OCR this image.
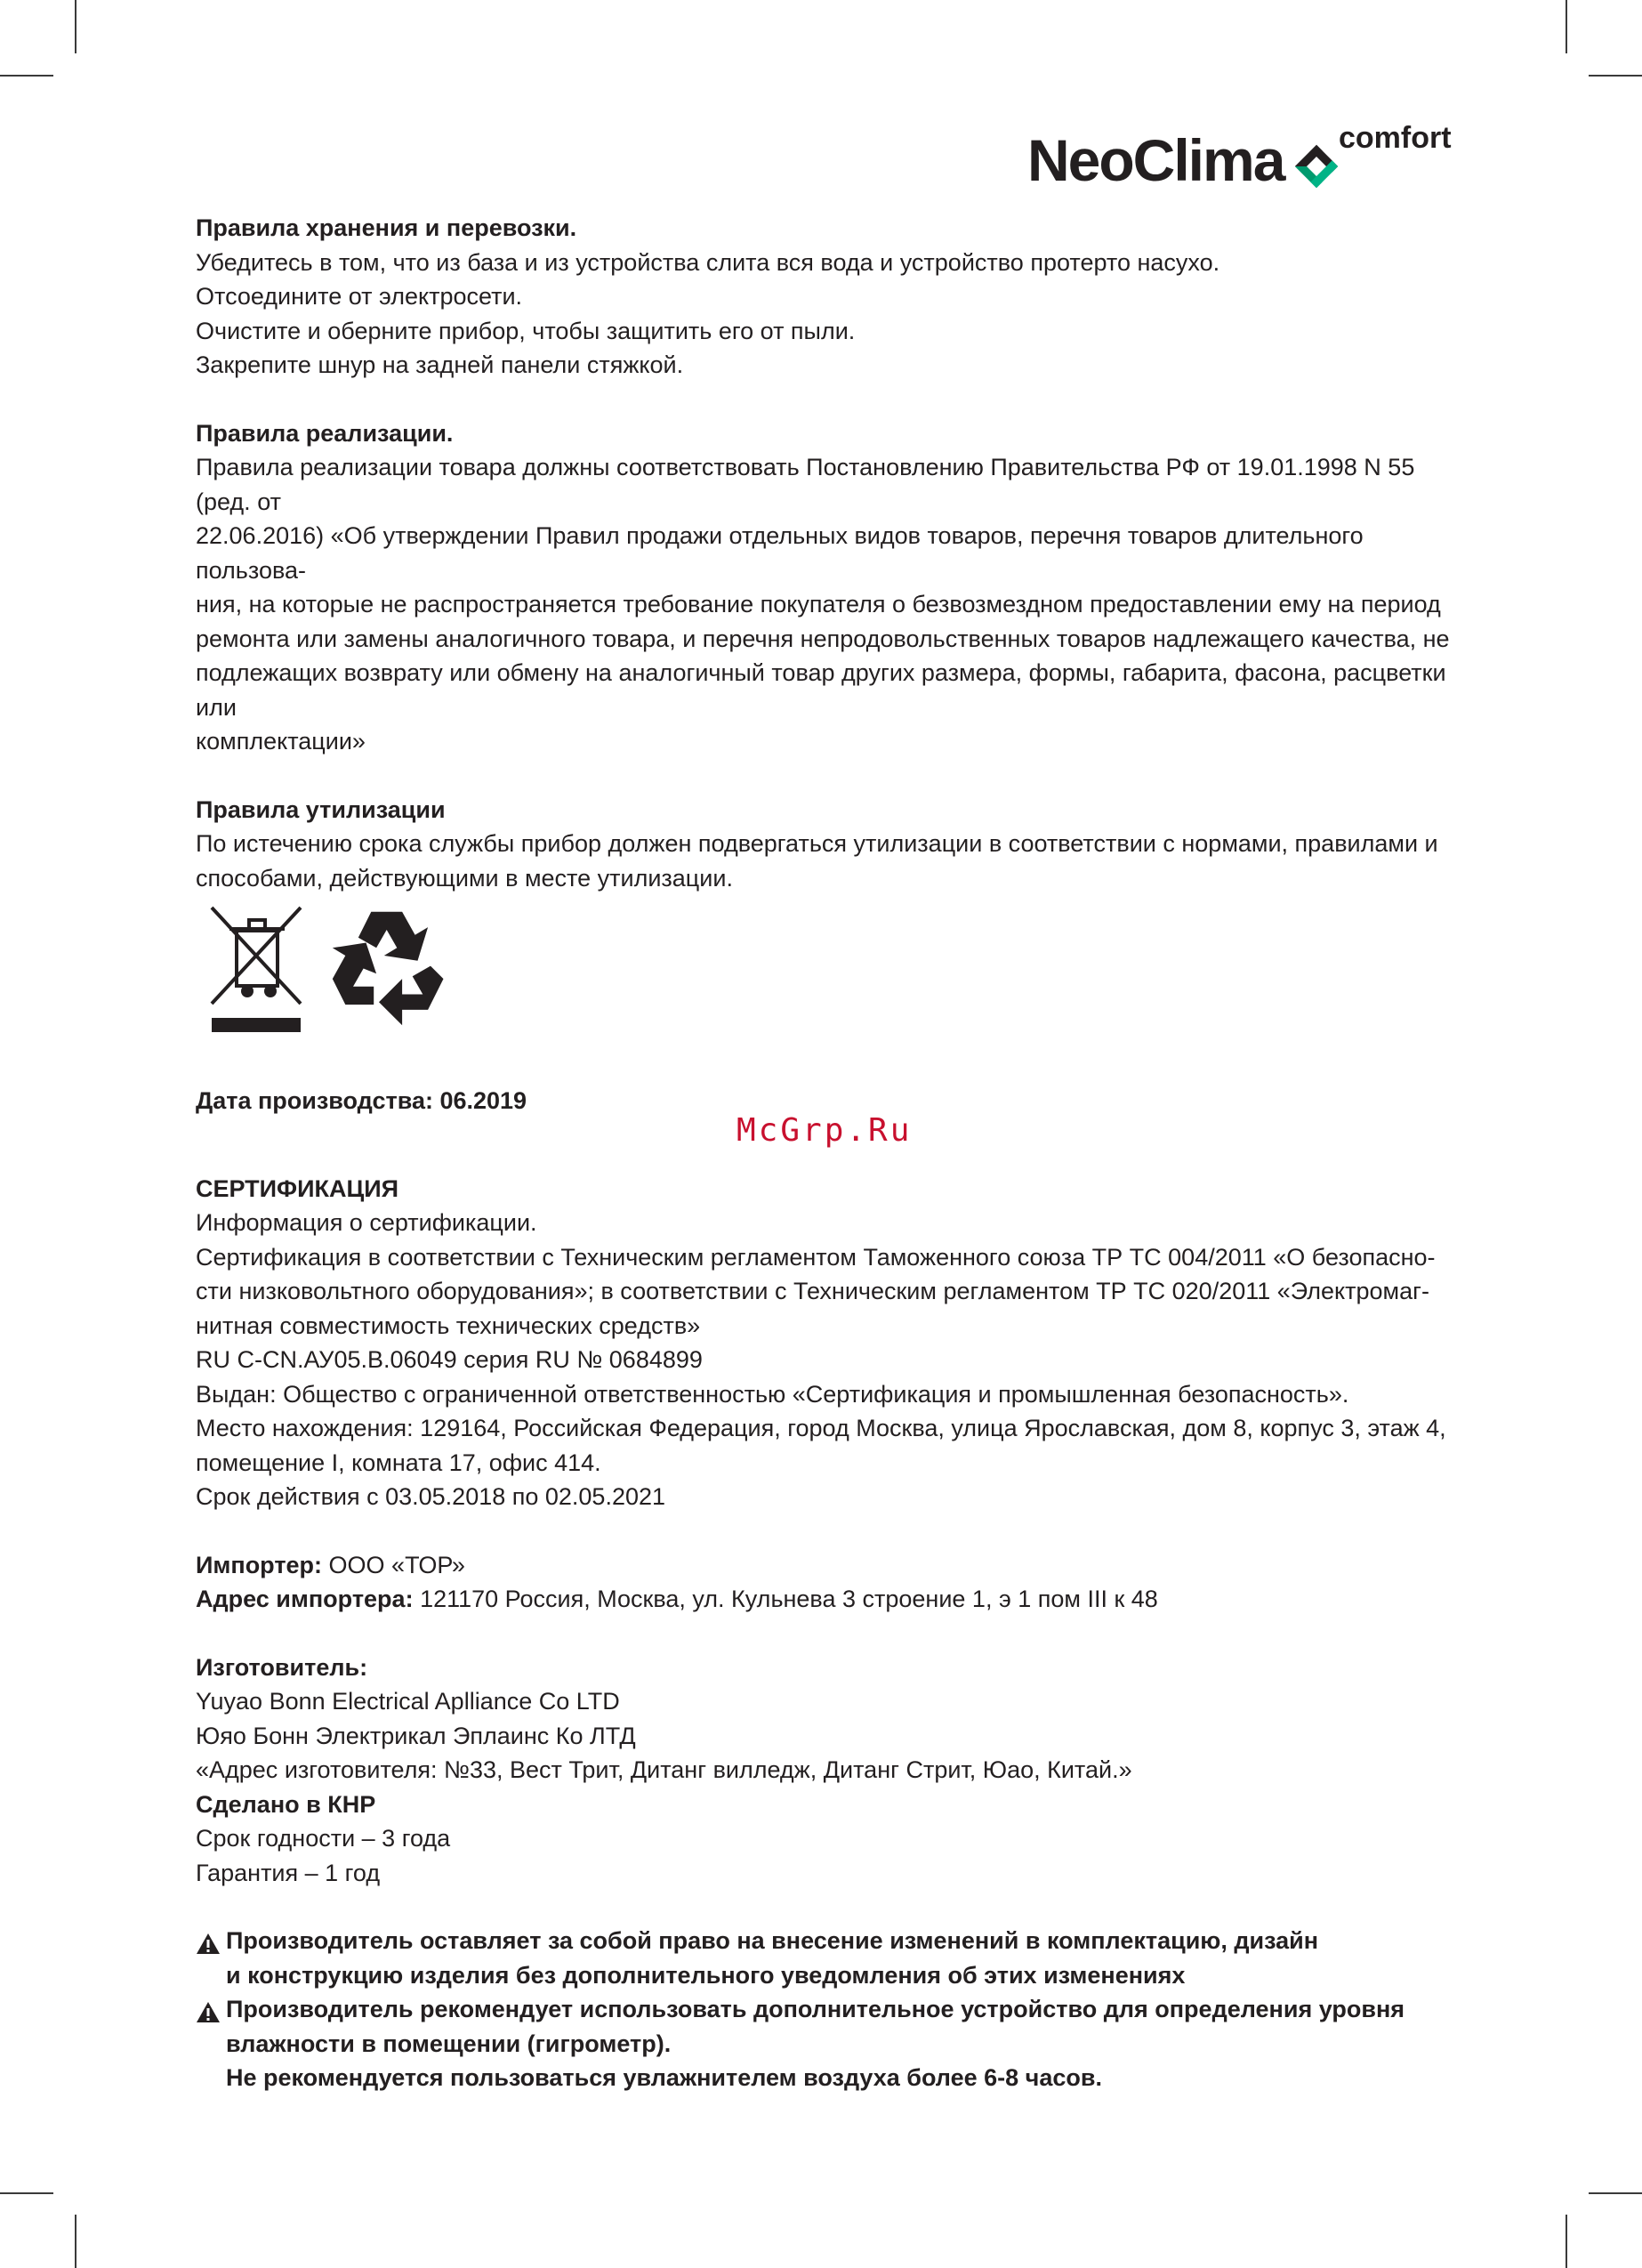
NeoClima comfort
McGrp.Ru
Правила хранения и перевозки.

Убедитесь в том, что из база и из устройства слита вся вода и устройство протерто насухо.

Отсоедините от электросети.

Очистите и оберните прибор, чтобы защитить его от пыли.

Закрепите шнур на задней панели стяжкой.

Правила реализации.

Правила реализации товара должны соответствовать Постановлению Правительства РФ от 19.01.1998 N 55 (ред. от

22.06.2016) «Об утверждении Правил продажи отдельных видов товаров, перечня товаров длительного пользова-

ния, на которые не распространяется требование покупателя о безвозмездном предоставлении ему на период

ремонта или замены аналогичного товара, и перечня непродовольственных товаров надлежащего качества, не

подлежащих возврату или обмену на аналогичный товар других размера, формы, габарита, фасона, расцветки или

комплектации»

Правила утилизации

По истечению срока службы прибор должен подвергаться утилизации в соответствии с нормами, правилами и

способами, действующими в месте утилизации.

Дата производства: 06.2019
СЕРТИФИКАЦИЯ

Информация о сертификации.

Сертификация в соответствии с Техническим регламентом Таможенного союза ТР ТС 004/2011 «О безопасно-

сти низковольтного оборудования»; в соответствии с Техническим регламентом ТР ТС 020/2011 «Электромаг-

нитная совместимость технических средств»

RU C-CN.АУ05.В.06049 серия RU № 0684899

Выдан: Общество с ограниченной ответственностью «Сертификация и промышленная безопасность».

Место нахождения: 129164, Российская Федерация, город Москва, улица Ярославская, дом 8, корпус 3, этаж 4,

помещение I, комната 17, офис 414.

Срок действия с 03.05.2018 по 02.05.2021

Импортер: ООО «ТОР»

Адрес импортера: 121170 Россия, Москва, ул. Кульнева 3 строение 1, э 1 пом III к 48

Изготовитель:

Yuyao Bonn Electrical Aplliance Co LTD

Юяо Бонн Электрикал Эплаинс Ко ЛТД

«Адрес изготовителя: №33, Вест Трит, Дитанг вилледж, Дитанг Стрит, Юао, Китай.»

Сделано в КНР

Срок годности – 3 года

Гарантия – 1 год

Производитель оставляет за собой право на внесение изменений в комплектацию, дизайн

и конструкцию изделия без дополнительного уведомления об этих изменениях

Производитель рекомендует использовать дополнительное устройство для определения уровня

влажности в помещении (гигрометр).

Не рекомендуется пользоваться увлажнителем воздуха более 6-8 часов.
